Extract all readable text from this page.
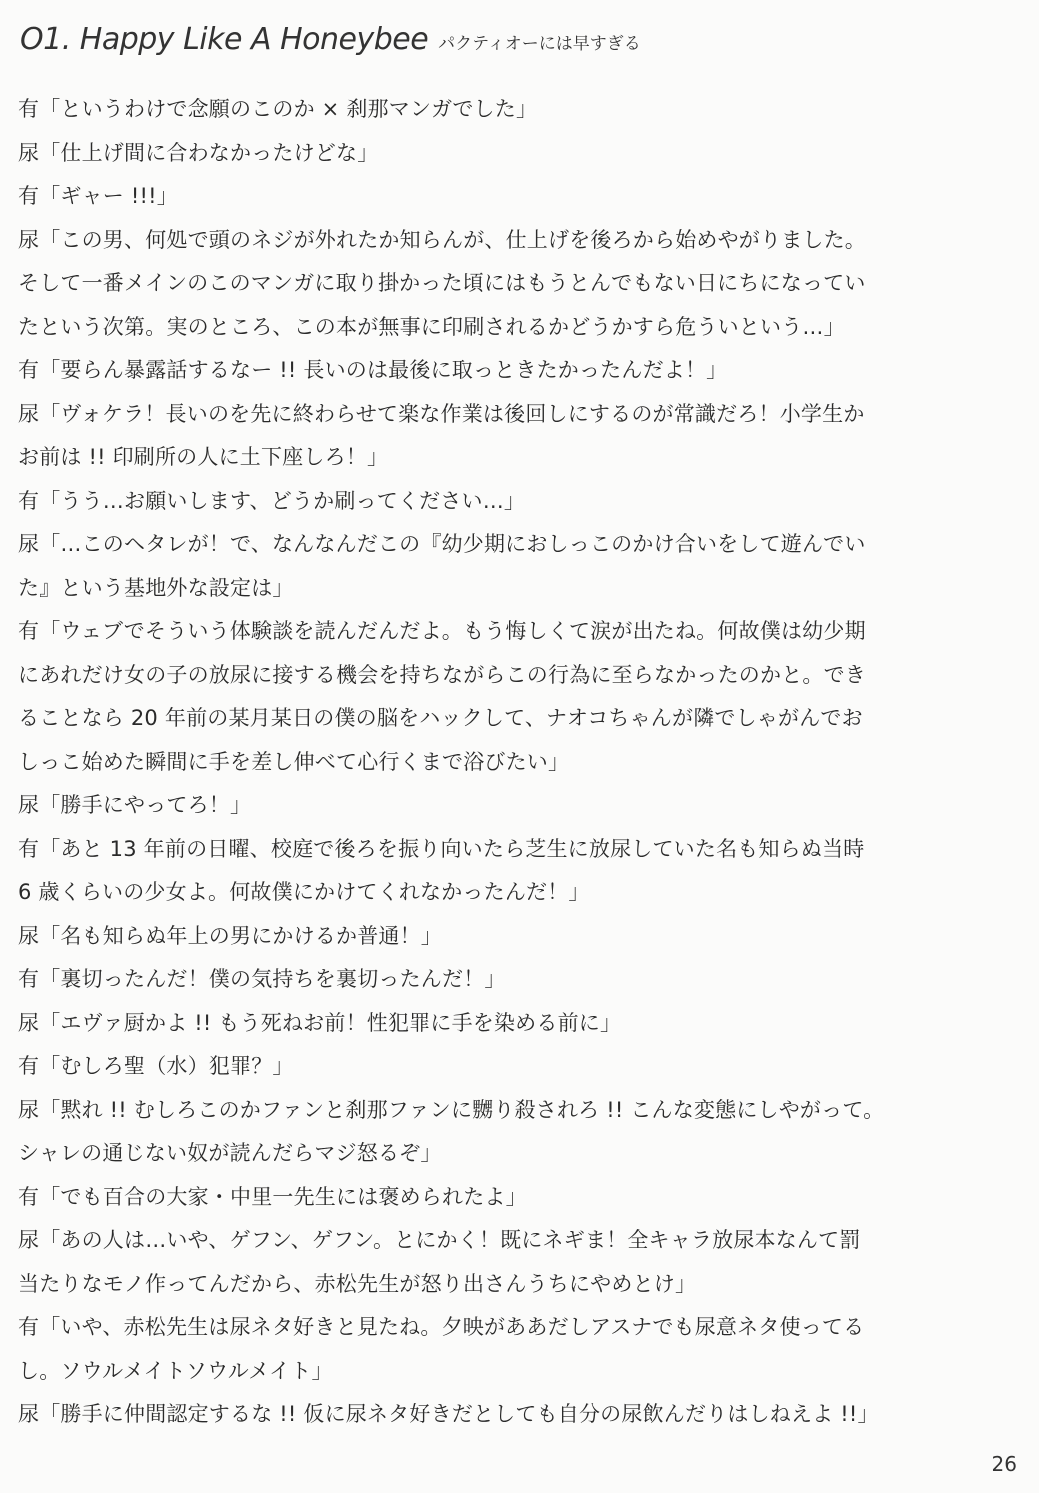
O1. Happy Like A Honeybee パクティオーには早すぎる
有「というわけで念願のこのか × 刹那マンガでした」
尿「仕上げ間に合わなかったけどな」
有「ギャー !!!」
尿「この男、何処で頭のネジが外れたか知らんが、仕上げを後ろから始めやがりました。
そして一番メインのこのマンガに取り掛かった頃にはもうとんでもない日にちになってい
たという次第。実のところ、この本が無事に印刷されるかどうかすら危ういという…」
有「要らん暴露話するなー !! 長いのは最後に取っときたかったんだよ！」
尿「ヴォケラ！長いのを先に終わらせて楽な作業は後回しにするのが常識だろ！小学生か
お前は !! 印刷所の人に土下座しろ！」
有「うう…お願いします、どうか刷ってください…」
尿「…このヘタレが！で、なんなんだこの『幼少期におしっこのかけ合いをして遊んでい
た』という基地外な設定は」
有「ウェブでそういう体験談を読んだんだよ。もう悔しくて涙が出たね。何故僕は幼少期
にあれだけ女の子の放尿に接する機会を持ちながらこの行為に至らなかったのかと。でき
ることなら 20 年前の某月某日の僕の脳をハックして、ナオコちゃんが隣でしゃがんでお
しっこ始めた瞬間に手を差し伸べて心行くまで浴びたい」
尿「勝手にやってろ！」
有「あと 13 年前の日曜、校庭で後ろを振り向いたら芝生に放尿していた名も知らぬ当時
6 歳くらいの少女よ。何故僕にかけてくれなかったんだ！」
尿「名も知らぬ年上の男にかけるか普通！」
有「裏切ったんだ！僕の気持ちを裏切ったんだ！」
尿「エヴァ厨かよ !! もう死ねお前！性犯罪に手を染める前に」
有「むしろ聖（水）犯罪？」
尿「黙れ !! むしろこのかファンと刹那ファンに嬲り殺されろ !! こんな変態にしやがって。
シャレの通じない奴が読んだらマジ怒るぞ」
有「でも百合の大家・中里一先生には褒められたよ」
尿「あの人は…いや、ゲフン、ゲフン。とにかく！既にネギま！全キャラ放尿本なんて罰
当たりなモノ作ってんだから、赤松先生が怒り出さんうちにやめとけ」
有「いや、赤松先生は尿ネタ好きと見たね。夕映がああだしアスナでも尿意ネタ使ってる
し。ソウルメイトソウルメイト」
尿「勝手に仲間認定するな !! 仮に尿ネタ好きだとしても自分の尿飲んだりはしねえよ !!」
26
